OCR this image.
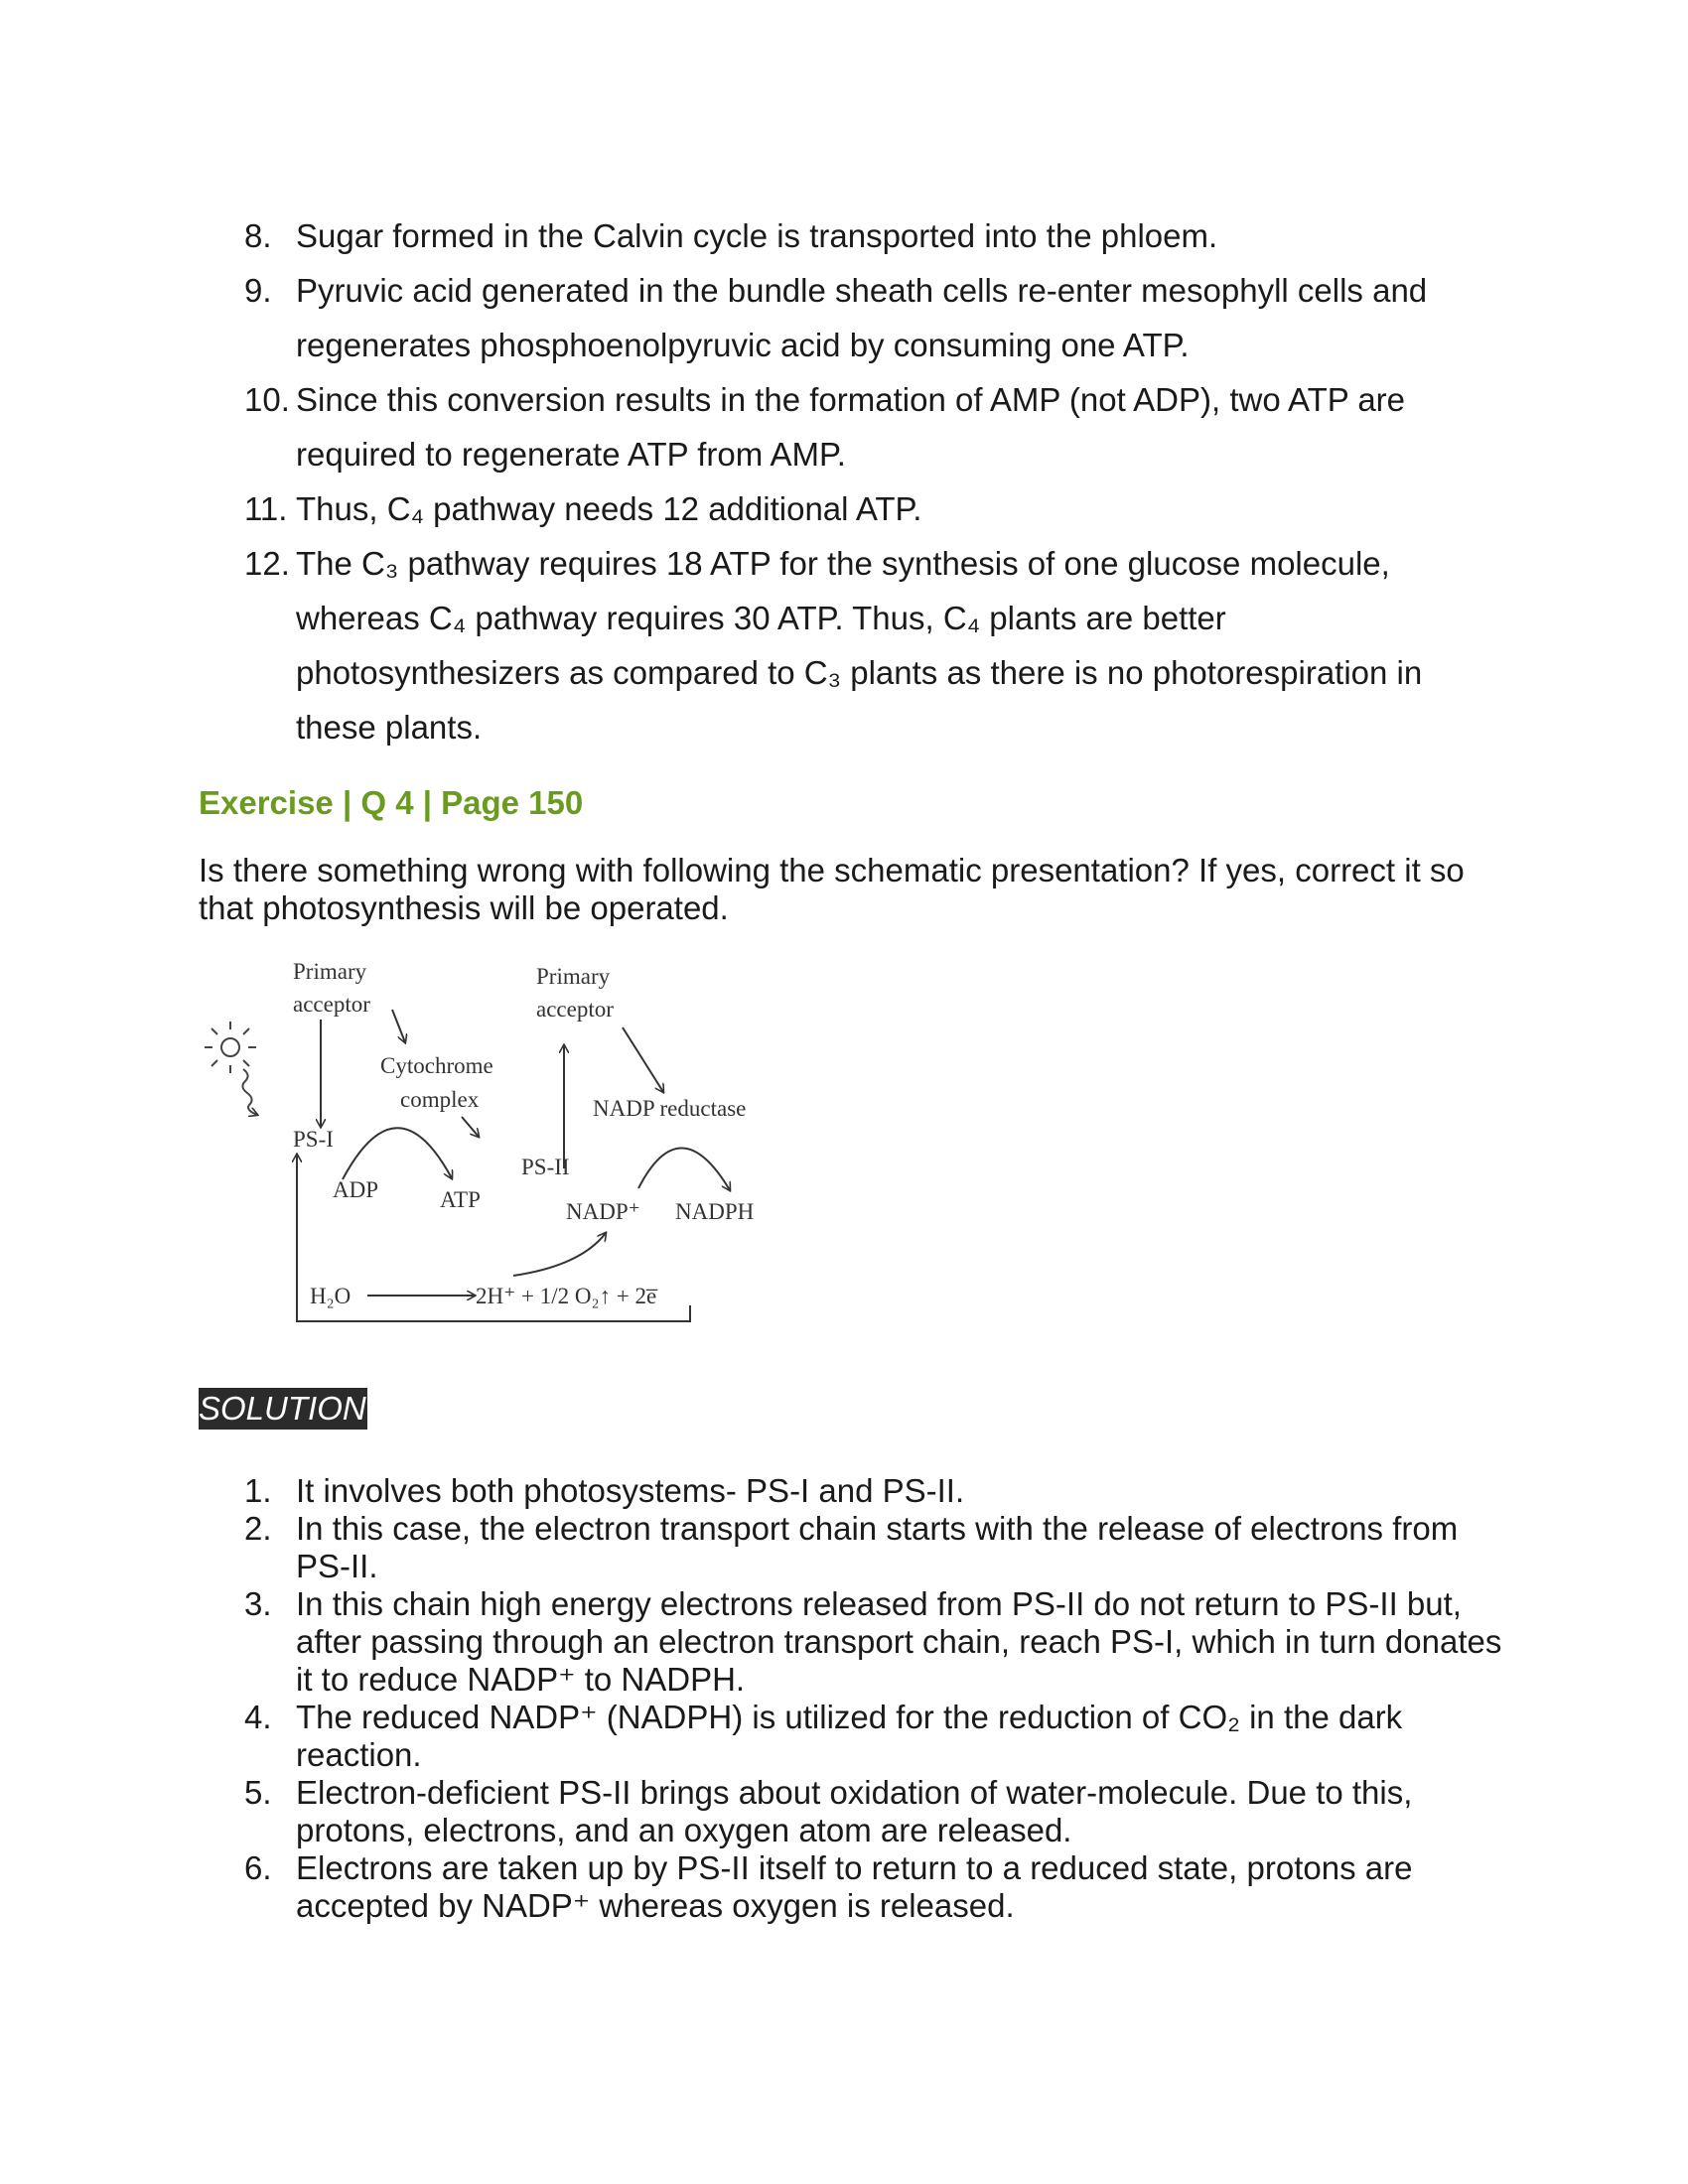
8. Sugar formed in the Calvin cycle is transported into the phloem.
9. Pyruvic acid generated in the bundle sheath cells re-enter mesophyll cells and regenerates phosphoenolpyruvic acid by consuming one ATP.
10. Since this conversion results in the formation of AMP (not ADP), two ATP are required to regenerate ATP from AMP.
11. Thus, C₄ pathway needs 12 additional ATP.
12. The C₃ pathway requires 18 ATP for the synthesis of one glucose molecule, whereas C₄ pathway requires 30 ATP. Thus, C₄ plants are better photosynthesizers as compared to C₃ plants as there is no photorespiration in these plants.
Exercise | Q 4 | Page 150

Is there something wrong with following the schematic presentation? If yes, correct it so that photosynthesis will be operated.

Primary
acceptor
Primary
acceptor
Cytochrome
complex	NADP reductase
PS-I
PS-II
ADP	ATP	NADP⁺ NADPH
H₂O	2H⁺ + 1/2 O₂↑ + 2e̅
SOLUTION
1. It involves both photosystems- PS-I and PS-II.
2. In this case, the electron transport chain starts with the release of electrons from PS-II.
3. In this chain high energy electrons released from PS-II do not return to PS-II but, after passing through an electron transport chain, reach PS-I, which in turn donates it to reduce NADP⁺ to NADPH.
4. The reduced NADP⁺ (NADPH) is utilized for the reduction of CO₂ in the dark reaction.
5. Electron-deficient PS-II brings about oxidation of water-molecule. Due to this, protons, electrons, and an oxygen atom are released.
6. Electrons are taken up by PS-II itself to return to a reduced state, protons are accepted by NADP⁺ whereas oxygen is released.
